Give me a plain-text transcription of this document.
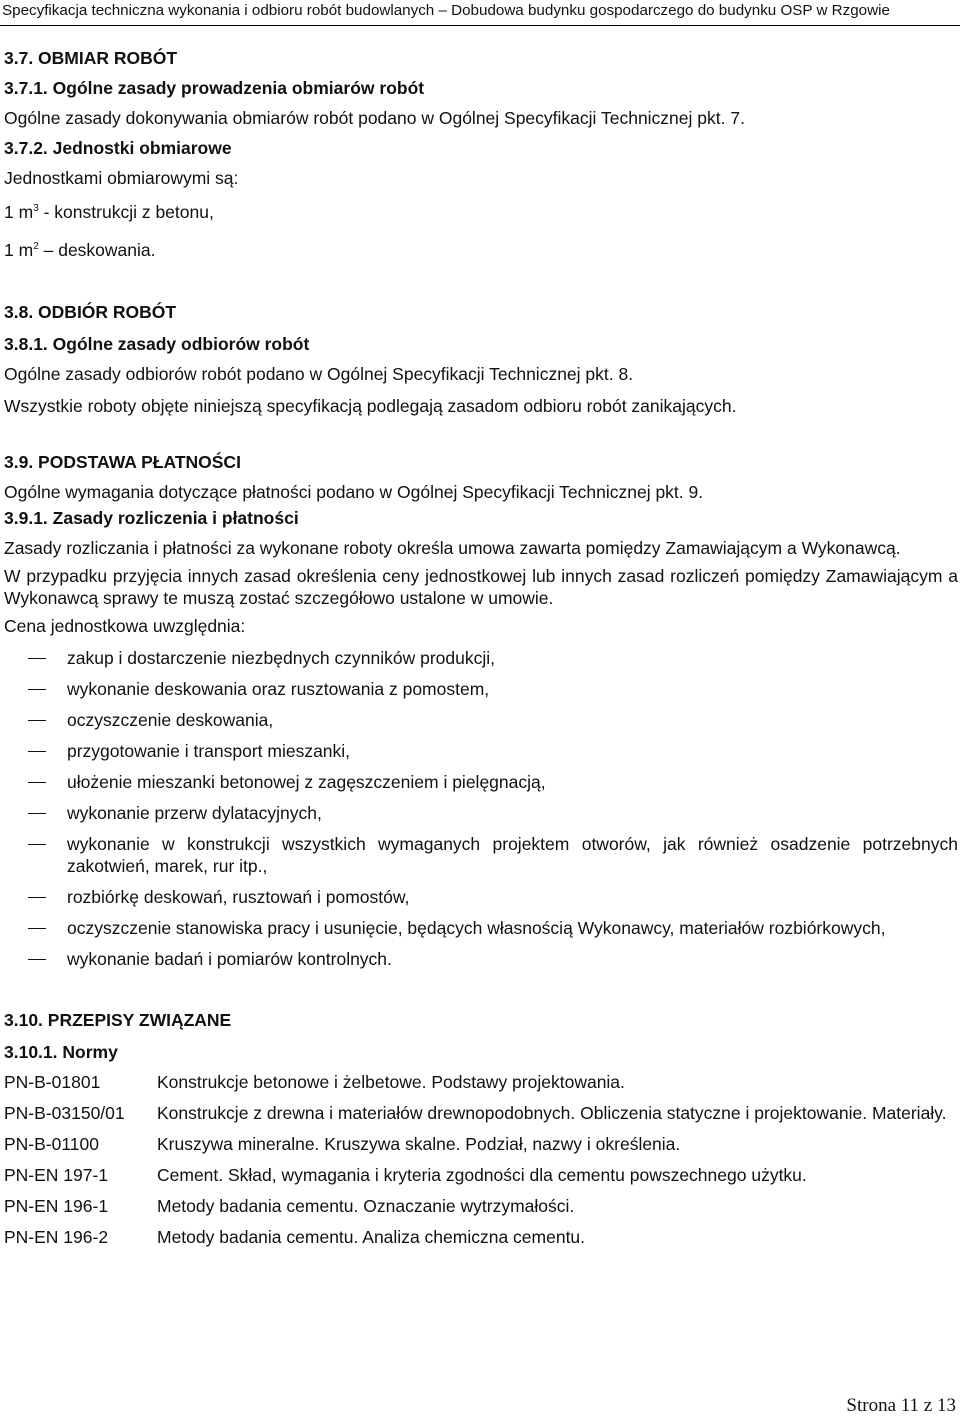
Specyfikacja techniczna wykonania i odbioru robót budowlanych – Dobudowa budynku gospodarczego do budynku OSP w Rzgowie

3.7. OBMIAR ROBÓT

3.7.1. Ogólne zasady prowadzenia obmiarów robót

Ogólne zasady dokonywania obmiarów robót podano w Ogólnej Specyfikacji Technicznej pkt. 7.

3.7.2. Jednostki obmiarowe

Jednostkami obmiarowymi są:

1 $m^3$ - konstrukcji z betonu,

1 $m^2$ – deskowania.

3.8. ODBIÓR ROBÓT

3.8.1. Ogólne zasady odbiorów robót

Ogólne zasady odbiorów robót podano w Ogólnej Specyfikacji Technicznej pkt. 8.

Wszystkie roboty objęte niniejszą specyfikacją podlegają zasadom odbioru robót zanikających.

3.9. PODSTAWA PŁATNOŚCI

Ogólne wymagania dotyczące płatności podano w Ogólnej Specyfikacji Technicznej pkt. 9.

3.9.1. Zasady rozliczenia i płatności

Zasady rozliczania i płatności za wykonane roboty określa umowa zawarta pomiędzy Zamawiającym a Wykonawcą.

W przypadku przyjęcia innych zasad określenia ceny jednostkowej lub innych zasad rozliczeń pomiędzy Zamawiającym a Wykonawcą sprawy te muszą zostać szczegółowo ustalone w umowie.

Cena jednostkowa uwzględnia:

zakup i dostarczenie niezbędnych czynników produkcji,
wykonanie deskowania oraz rusztowania z pomostem,
oczyszczenie deskowania,
przygotowanie i transport mieszanki,
ułożenie mieszanki betonowej z zagęszczeniem i pielęgnacją,
wykonanie przerw dylatacyjnych,
wykonanie w konstrukcji wszystkich wymaganych projektem otworów, jak również osadzenie potrzebnych zakotwień, marek, rur itp.,
rozbiórkę deskowań, rusztowań i pomostów,
oczyszczenie stanowiska pracy i usunięcie, będących własnością Wykonawcy, materiałów rozbiórkowych,
wykonanie badań i pomiarów kontrolnych.

3.10. PRZEPISY ZWIĄZANE

3.10.1. Normy

PN-B-01801	Konstrukcje betonowe i żelbetowe. Podstawy projektowania.
PN-B-03150/01	Konstrukcje z drewna i materiałów drewnopodobnych. Obliczenia statyczne i projektowanie. Materiały.
PN-B-01100	Kruszywa mineralne. Kruszywa skalne. Podział, nazwy i określenia.
PN-EN 197-1	Cement. Skład, wymagania i kryteria zgodności dla cementu powszechnego użytku.
PN-EN 196-1	Metody badania cementu. Oznaczanie wytrzymałości.
PN-EN 196-2	Metody badania cementu. Analiza chemiczna cementu.
Strona 11 z 13
